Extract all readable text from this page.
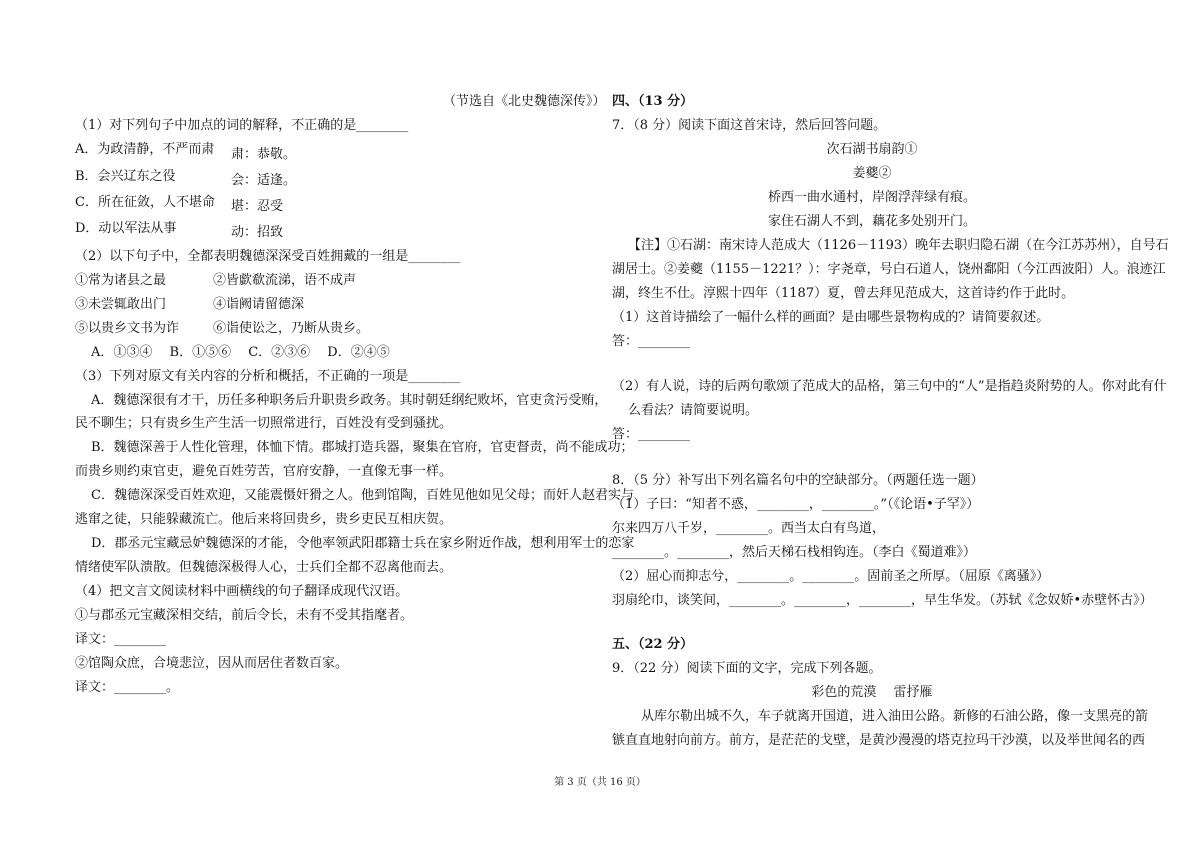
（节选自《北史魏德深传》）
（1）对下列句子中加点的词的解释，不正确的是________
A．为政清静，不严而肃 肃：恭敬。
B．会兴辽东之役	会：适逢。
C．所在征敛，人不堪命 堪：忍受
D．动以军法从事	动：招致
（2）以下句子中，全都表明魏德深深受百姓拥戴的一组是________
①常为诸县之最	②皆歔欷流涕，语不成声
③未尝辄敢出门	④诣阙请留德深
⑤以贵乡文书为诈	⑥诣使讼之，乃断从贵乡。
A．①③④　 B．①⑤⑥　 C．②③⑥　 D．②④⑤
（3）下列对原文有关内容的分析和概括，不正确的一项是________
A．魏德深很有才干，历任多种职务后升职贵乡政务。其时朝廷纲纪败坏，官吏贪污受贿，
民不聊生；只有贵乡生产生活一切照常进行，百姓没有受到骚扰。
B．魏德深善于人性化管理，体恤下情。郡城打造兵器，聚集在官府，官吏督责，尚不能成功；
而贵乡则约束官吏，避免百姓劳苦，官府安静，一直像无事一样。
C．魏德深深受百姓欢迎，又能震慑奸猾之人。他到馆陶，百姓见他如见父母；而奸人赵君实与
逃窜之徒，只能躲藏流亡。他后来将回贵乡，贵乡吏民互相庆贺。
D．郡丞元宝藏忌妒魏德深的才能，令他率领武阳郡籍士兵在家乡附近作战，想利用军士的恋家
情绪使军队溃散。但魏德深极得人心，士兵们全都不忍离他而去。
（4）把文言文阅读材料中画横线的句子翻译成现代汉语。
①与郡丞元宝藏深相交结，前后令长，未有不受其指麾者。
译文：________
②馆陶众庶，合境悲泣，因从而居住者数百家。
译文：________。
四、（13 分）
7．（8 分）阅读下面这首宋诗，然后回答问题。
次石湖书扇韵①
姜夔②
桥西一曲水通村，岸阁浮萍绿有痕。
家住石湖人不到，藕花多处别开门。
【注】①石湖：南宋诗人范成大（1126－1193）晚年去职归隐石湖（在今江苏苏州），自号石
湖居士。②姜夔（1155－1221？）：字尧章，号白石道人，饶州鄱阳（今江西波阳）人。浪迹江
湖，终生不仕。淳熙十四年（1187）夏，曾去拜见范成大，这首诗约作于此时。
（1）这首诗描绘了一幅什么样的画面？是由哪些景物构成的？请简要叙述。
答：________
（2）有人说，诗的后两句歌颂了范成大的品格，第三句中的“人”是指趋炎附势的人。你对此有什
么看法？请简要说明。
答：________
8．（5 分）补写出下列名篇名句中的空缺部分。（两题任选一题）
（1）子曰：“知者不惑，________，________。”（《论语•子罕》）
尔来四万八千岁，________。西当太白有鸟道，
________。________，然后天梯石栈相钩连。（李白《蜀道难》）
（2）屈心而抑志兮，________。________。固前圣之所厚。（屈原《离骚》）
羽扇纶巾，谈笑间，________。________，________，早生华发。（苏轼《念奴娇•赤壁怀古》）
五、（22 分）
9．（22 分）阅读下面的文字，完成下列各题。
彩色的荒漠　 雷抒雁
从库尔勒出城不久，车子就离开国道，进入油田公路。新修的石油公路，像一支黑亮的箭
镞直直地射向前方。前方，是茫茫的戈壁，是黄沙漫漫的塔克拉玛干沙漠，以及举世闻名的西
第 3 页（共 16 页）
